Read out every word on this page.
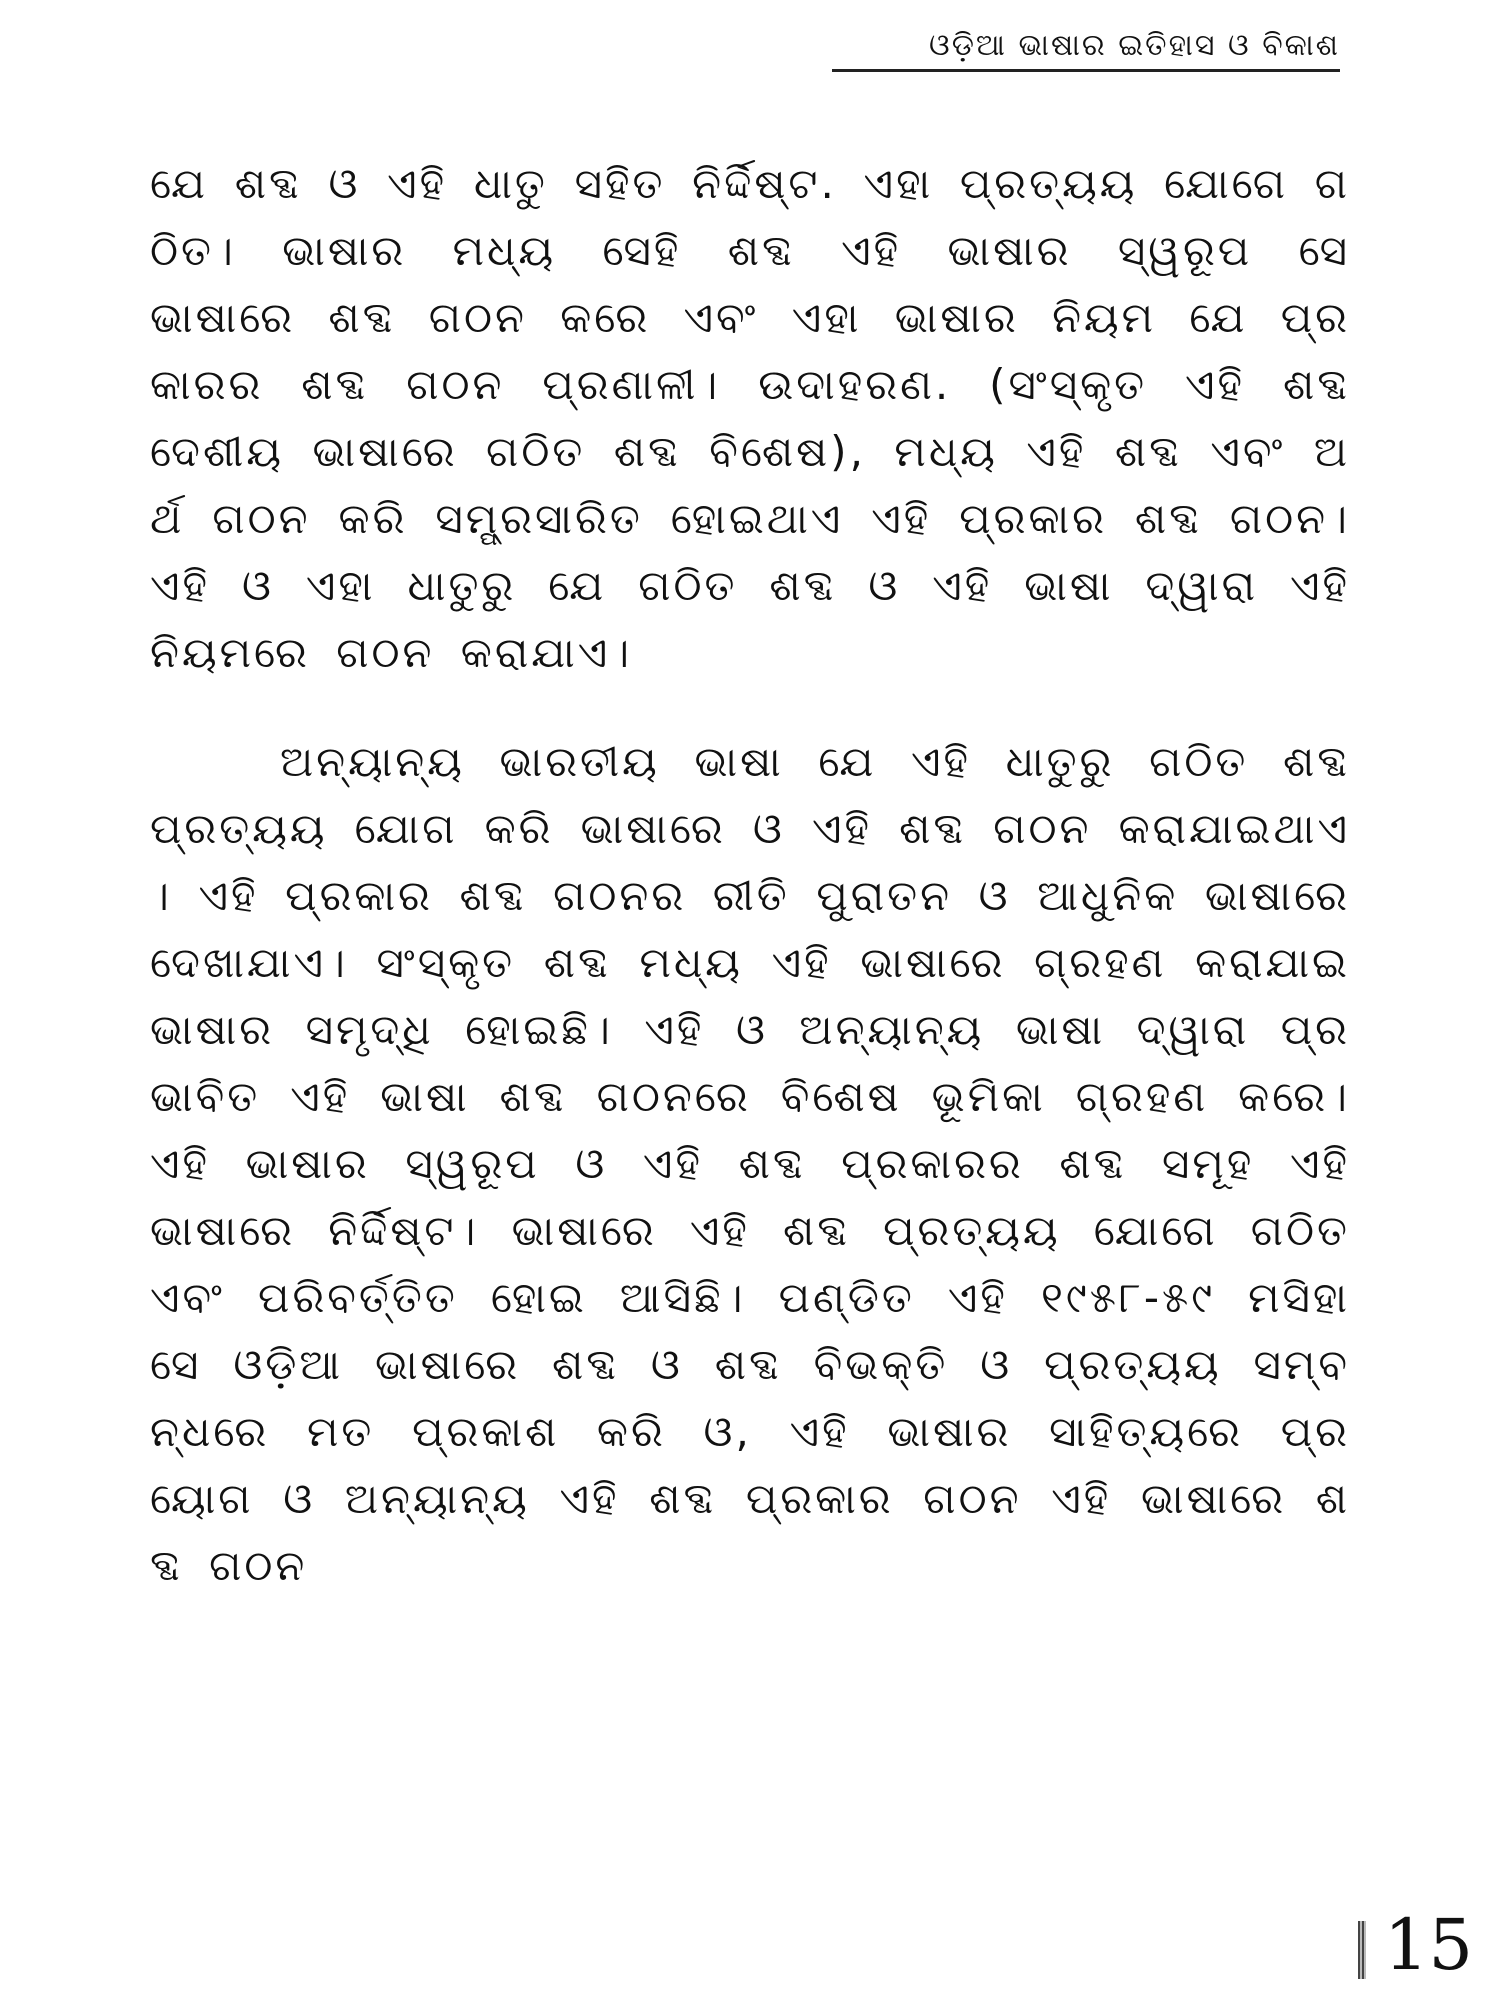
ଓଡ଼ିଆ ଭାଷାର ଇତିହାସ ଓ ବିକାଶ

ଯେ ଶବ୍ଦ ଓ ଏହି ଧାତୁ ସହିତ ନିର୍ଦ୍ଦିଷ୍ଟ. ଏହା ପ୍ରତ୍ୟୟ ଯୋଗେ ଗଠିତ। ଭାଷାର ମଧ୍ୟ ସେହି ଶବ୍ଦ ଏହି ଭାଷାର ସ୍ୱରୂପ ସେ ଭାଷାରେ ଶବ୍ଦ ଗଠନ କରେ ଏବଂ ଏହା ଭାଷାର ନିୟମ ଯେ ପ୍ରକାରର ଶବ୍ଦ ଗଠନ ପ୍ରଣାଳୀ। ଉଦାହରଣ. (ସଂସ୍କୃତ ଏହି ଶବ୍ଦ ଦେଶୀୟ ଭାଷାରେ ଗଠିତ ଶବ୍ଦ ବିଶେଷ), ମଧ୍ୟ ଏହି ଶବ୍ଦ ଏବଂ ଅର୍ଥ ଗଠନ କରି ସମ୍ପ୍ରସାରିତ ହୋଇଥାଏ ଏହି ପ୍ରକାର ଶବ୍ଦ ଗଠନ। ଏହି ଓ ଏହା ଧାତୁରୁ ଯେ ଗଠିତ ଶବ୍ଦ ଓ ଏହି ଭାଷା ଦ୍ୱାରା ଏହି ନିୟମରେ ଗଠନ କରାଯାଏ।

ଅନ୍ୟାନ୍ୟ ଭାରତୀୟ ଭାଷା ଯେ ଏହି ଧାତୁରୁ ଗଠିତ ଶବ୍ଦ ପ୍ରତ୍ୟୟ ଯୋଗ କରି ଭାଷାରେ ଓ ଏହି ଶବ୍ଦ ଗଠନ କରାଯାଇଥାଏ। ଏହି ପ୍ରକାର ଶବ୍ଦ ଗଠନର ରୀତି ପୁରାତନ ଓ ଆଧୁନିକ ଭାଷାରେ ଦେଖାଯାଏ। ସଂସ୍କୃତ ଶବ୍ଦ ମଧ୍ୟ ଏହି ଭାଷାରେ ଗ୍ରହଣ କରାଯାଇ ଭାଷାର ସମୃଦ୍ଧି ହୋଇଛି। ଏହି ଓ ଅନ୍ୟାନ୍ୟ ଭାଷା ଦ୍ୱାରା ପ୍ରଭାବିତ ଏହି ଭାଷା ଶବ୍ଦ ଗଠନରେ ବିଶେଷ ଭୂମିକା ଗ୍ରହଣ କରେ। ଏହି ଭାଷାର ସ୍ୱରୂପ ଓ ଏହି ଶବ୍ଦ ପ୍ରକାରର ଶବ୍ଦ ସମୂହ ଏହି ଭାଷାରେ ନିର୍ଦ୍ଦିଷ୍ଟ। ଭାଷାରେ ଏହି ଶବ୍ଦ ପ୍ରତ୍ୟୟ ଯୋଗେ ଗଠିତ ଏବଂ ପରିବର୍ତ୍ତିତ ହୋଇ ଆସିଛି। ପଣ୍ଡିତ ଏହି ୧୯୫୮-୫୯ ମସିହା ସେ ଓଡ଼ିଆ ଭାଷାରେ ଶବ୍ଦ ଓ ଶବ୍ଦ ବିଭକ୍ତି ଓ ପ୍ରତ୍ୟୟ ସମ୍ବନ୍ଧରେ ମତ ପ୍ରକାଶ କରି ଓ, ଏହି ଭାଷାର ସାହିତ୍ୟରେ ପ୍ରୟୋଗ ଓ ଅନ୍ୟାନ୍ୟ ଏହି ଶବ୍ଦ ପ୍ରକାର ଗଠନ ଏହି ଭାଷାରେ ଶବ୍ଦ ଗଠନ

15
